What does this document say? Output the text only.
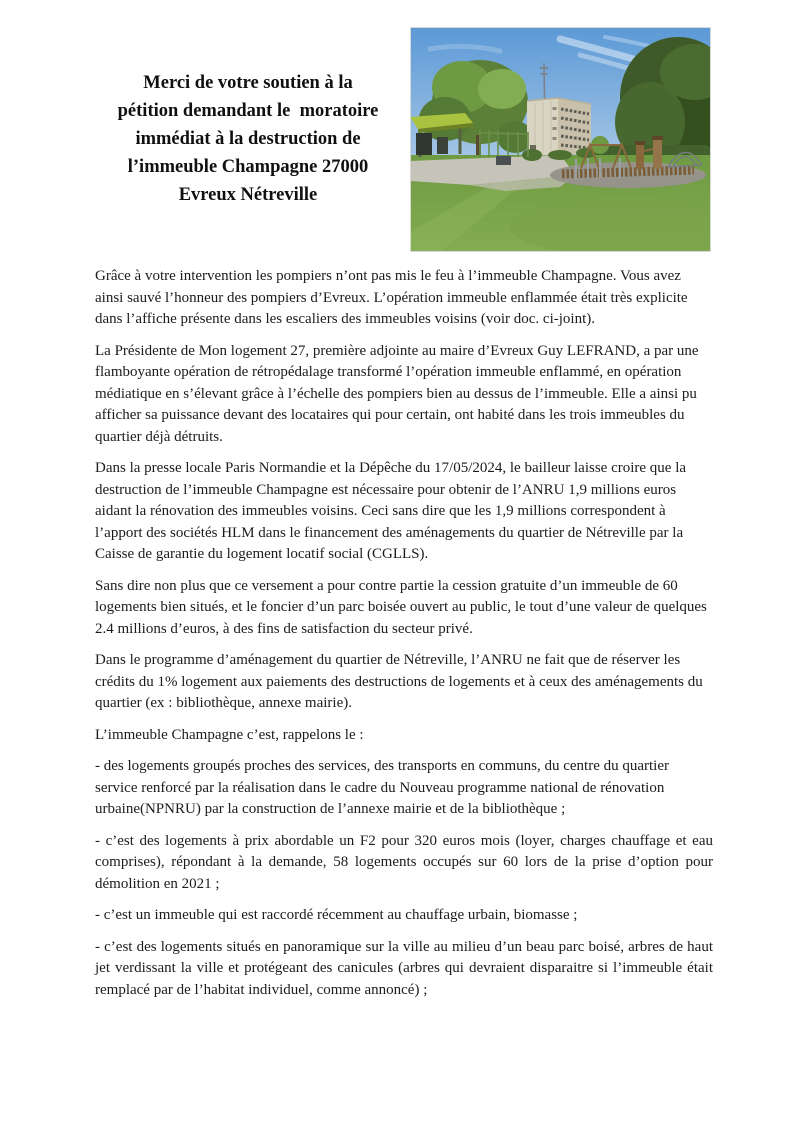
Merci de votre soutien à la
pétition demandant le  moratoire
immédiat à la destruction de
l’immeuble Champagne 27000
Evreux Nétreville

Grâce à votre intervention les pompiers n’ont pas mis le feu à l’immeuble Champagne. Vous avez ainsi sauvé l’honneur des pompiers d’Evreux. L’opération immeuble enflammée était très explicite dans l’affiche présente dans les escaliers des immeubles voisins (voir doc. ci-joint).

La Présidente de Mon logement 27, première adjointe au maire d’Evreux Guy LEFRAND, a par une flamboyante opération de rétropédalage transformé l’opération immeuble enflammé, en opération médiatique en s’élevant grâce à l’échelle des pompiers bien au dessus de l’immeuble. Elle a ainsi pu afficher sa puissance devant des locataires qui pour certain, ont habité dans les trois immeubles du quartier déjà détruits.

Dans la presse locale Paris Normandie et la Dépêche du 17/05/2024, le bailleur laisse croire que la destruction de l’immeuble Champagne est nécessaire pour obtenir de l’ANRU 1,9 millions euros aidant la rénovation des immeubles voisins. Ceci sans dire que les 1,9 millions correspondent à l’apport des sociétés HLM dans le financement des aménagements du quartier de Nétreville par la Caisse de garantie du logement locatif social (CGLLS).

Sans dire non plus que ce versement a pour contre partie la cession gratuite d’un immeuble de 60 logements bien situés, et le foncier d’un parc boisée ouvert au public, le tout d’une valeur de quelques 2.4 millions d’euros, à des fins de satisfaction du secteur privé.

Dans le programme d’aménagement du quartier de Nétreville, l’ANRU ne fait que de réserver les crédits du 1% logement aux paiements des destructions de logements et à ceux des aménagements du quartier (ex : bibliothèque, annexe mairie).

L’immeuble Champagne c’est, rappelons le :

- des logements groupés proches des services, des transports en communs, du centre du quartier service renforcé par la réalisation dans le cadre du Nouveau programme national de rénovation urbaine(NPNRU) par la construction de l’annexe mairie et de la bibliothèque ;

- c’est des logements à prix abordable un F2 pour 320 euros mois (loyer, charges chauffage et eau comprises), répondant à la demande, 58 logements occupés sur 60 lors de la prise d’option pour démolition en 2021 ;

- c’est un immeuble qui est raccordé récemment au chauffage urbain, biomasse ;

- c’est des logements situés en panoramique sur la ville au milieu d’un beau parc boisé, arbres de haut jet verdissant la ville et protégeant des canicules (arbres qui devraient disparaitre si l’immeuble était remplacé par de l’habitat individuel, comme annoncé) ;
